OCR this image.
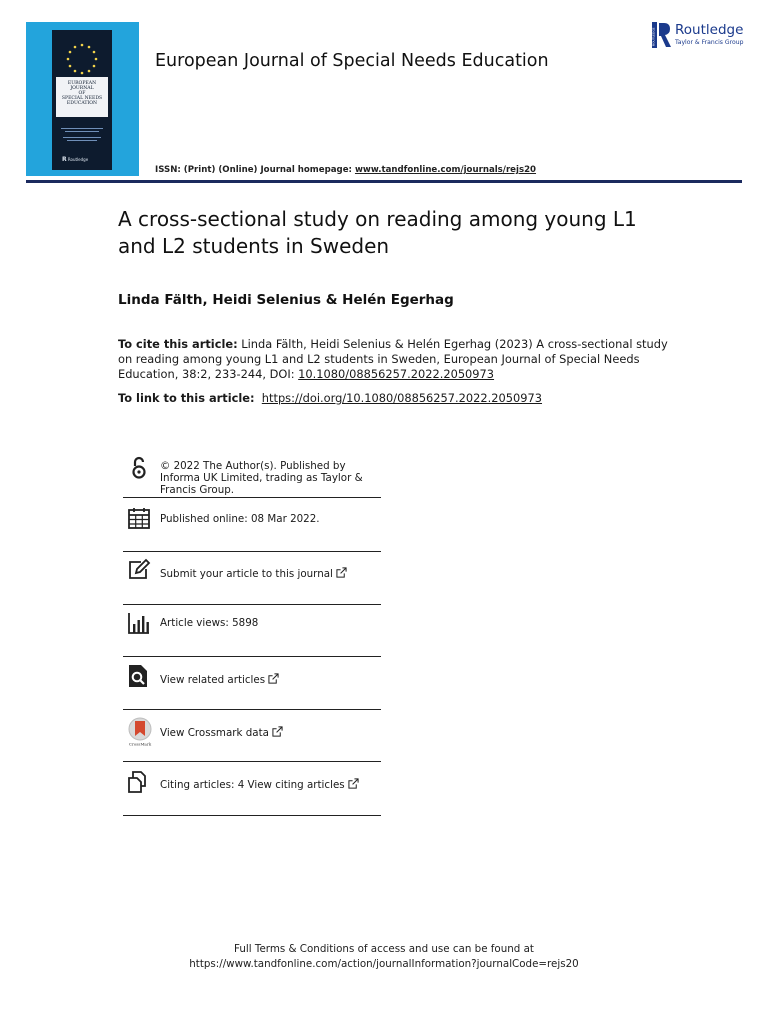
EUROPEAN
JOURNAL
OF
SPECIAL NEEDS
EDUCATION
R Routledge
European Journal of Special Needs Education
ISSN: (Print) (Online) Journal homepage: www.tandfonline.com/journals/rejs20
ROUTLEDGE Routledge
Taylor & Francis Group
A cross-sectional study on reading among young L1 and L2 students in Sweden
Linda Fälth, Heidi Selenius & Helén Egerhag
To cite this article: Linda Fälth, Heidi Selenius & Helén Egerhag (2023) A cross-sectional study on reading among young L1 and L2 students in Sweden, European Journal of Special Needs Education, 38:2, 233-244, DOI: 10.1080/08856257.2022.2050973
To link to this article: https://doi.org/10.1080/08856257.2022.2050973
© 2022 The Author(s). Published by Informa UK Limited, trading as Taylor & Francis Group.
Published online: 08 Mar 2022.
Submit your article to this journal
Article views: 5898
View related articles
CrossMark
View Crossmark data
Citing articles: 4 View citing articles
Full Terms & Conditions of access and use can be found at
https://www.tandfonline.com/action/journalInformation?journalCode=rejs20
